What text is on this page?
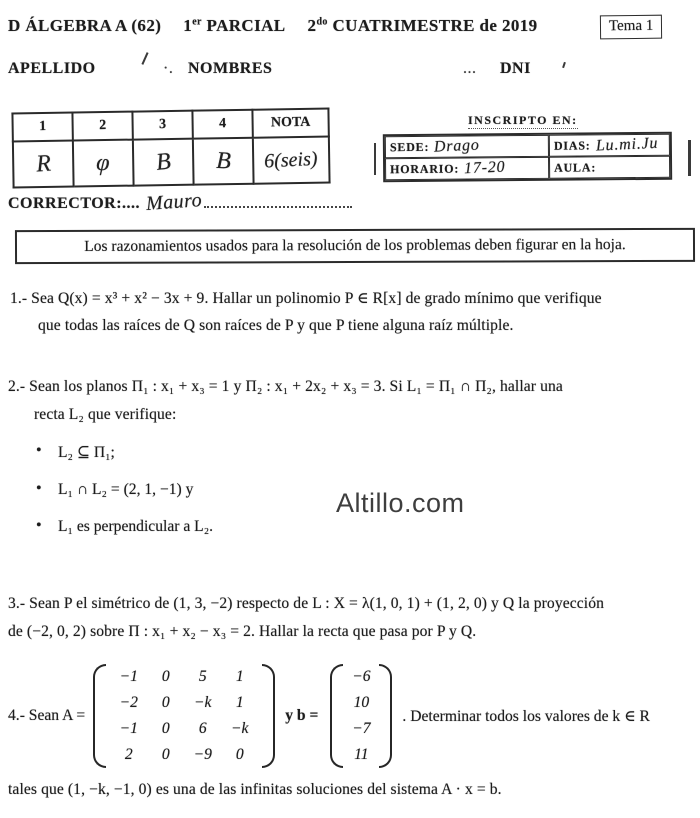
D ÁLGEBRA A (62) 1er PARCIAL $2^{do}$ CUATRIMESTRE de 2019	Tema 1
APELLIDO	·. NOMBRES	... DNI
1	2	3	4	NOTA
R	φ	B	B	6(seis)
INSCRIPTO EN:
SEDE: Drago	DIAS: Lu.mi.Ju
HORARIO: 17-20	AULA:
CORRECTOR:.... Mauro
Los razonamientos usados para la resolución de los problemas deben figurar en la hoja.
1.- Sea Q(x) = x³ + x² − 3x + 9. Hallar un polinomio P ∈ R[x] de grado mínimo que verifique
que todas las raíces de Q son raíces de P y que P tiene alguna raíz múltiple.
2.- Sean los planos Π₁ : x₁ + x₃ = 1 y Π₂ : x₁ + 2x₂ + x₃ = 3. Si L₁ = Π₁ ∩ Π₂, hallar una
recta L₂ que verifique:
• L₂ ⊆ Π₁;
• L₁ ∩ L₂ = (2, 1, −1) y
• L₁ es perpendicular a L₂.
Altillo.com
3.- Sean P el simétrico de (1, 3, −2) respecto de L : X = λ(1, 0, 1) + (1, 2, 0) y Q la proyección
de (−2, 0, 2) sobre Π : x₁ + x₂ − x₃ = 2. Hallar la recta que pasa por P y Q.
4.- Sean A =
−1	0	5	1
−2	0	−k	1
−1	0	6	−k
2	0	−9	0
y b =
−6
10
−7
11
. Determinar todos los valores de k ∈ R
tales que (1, −k, −1, 0) es una de las infinitas soluciones del sistema A · x = b.
